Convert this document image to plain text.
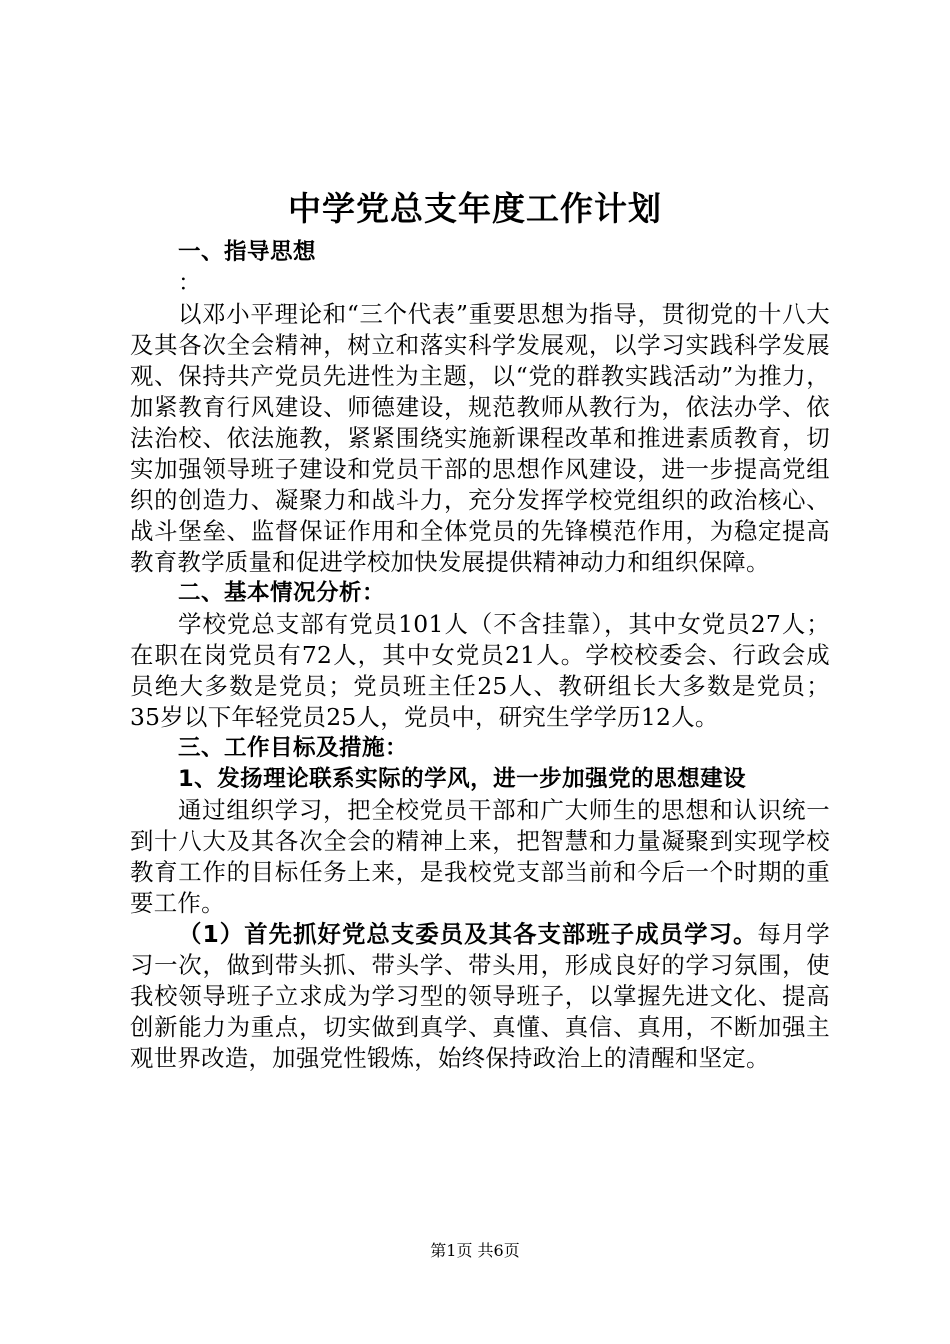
中学党总支年度工作计划

一、指导思想

：

以邓小平理论和“三个代表”重要思想为指导，贯彻党的十八大及其各次全会精神，树立和落实科学发展观，以学习实践科学发展观、保持共产党员先进性为主题，以“党的群教实践活动”为推力，加紧教育行风建设、师德建设，规范教师从教行为，依法办学、依法治校、依法施教，紧紧围绕实施新课程改革和推进素质教育，切实加强领导班子建设和党员干部的思想作风建设，进一步提高党组织的创造力、凝聚力和战斗力，充分发挥学校党组织的政治核心、战斗堡垒、监督保证作用和全体党员的先锋模范作用，为稳定提高教育教学质量和促进学校加快发展提供精神动力和组织保障。

二、基本情况分析：

学校党总支部有党员101人（不含挂靠），其中女党员27人；在职在岗党员有72人，其中女党员21人。学校校委会、行政会成员绝大多数是党员；党员班主任25人、教研组长大多数是党员；35岁以下年轻党员25人，党员中，研究生学学历12人。

三、工作目标及措施：

1、发扬理论联系实际的学风，进一步加强党的思想建设

通过组织学习，把全校党员干部和广大师生的思想和认识统一到十八大及其各次全会的精神上来，把智慧和力量凝聚到实现学校教育工作的目标任务上来，是我校党支部当前和今后一个时期的重要工作。

（1）首先抓好党总支委员及其各支部班子成员学习。每月学习一次，做到带头抓、带头学、带头用，形成良好的学习氛围，使我校领导班子立求成为学习型的领导班子，以掌握先进文化、提高创新能力为重点，切实做到真学、真懂、真信、真用，不断加强主观世界改造，加强党性锻炼，始终保持政治上的清醒和坚定。

第1页 共6页
